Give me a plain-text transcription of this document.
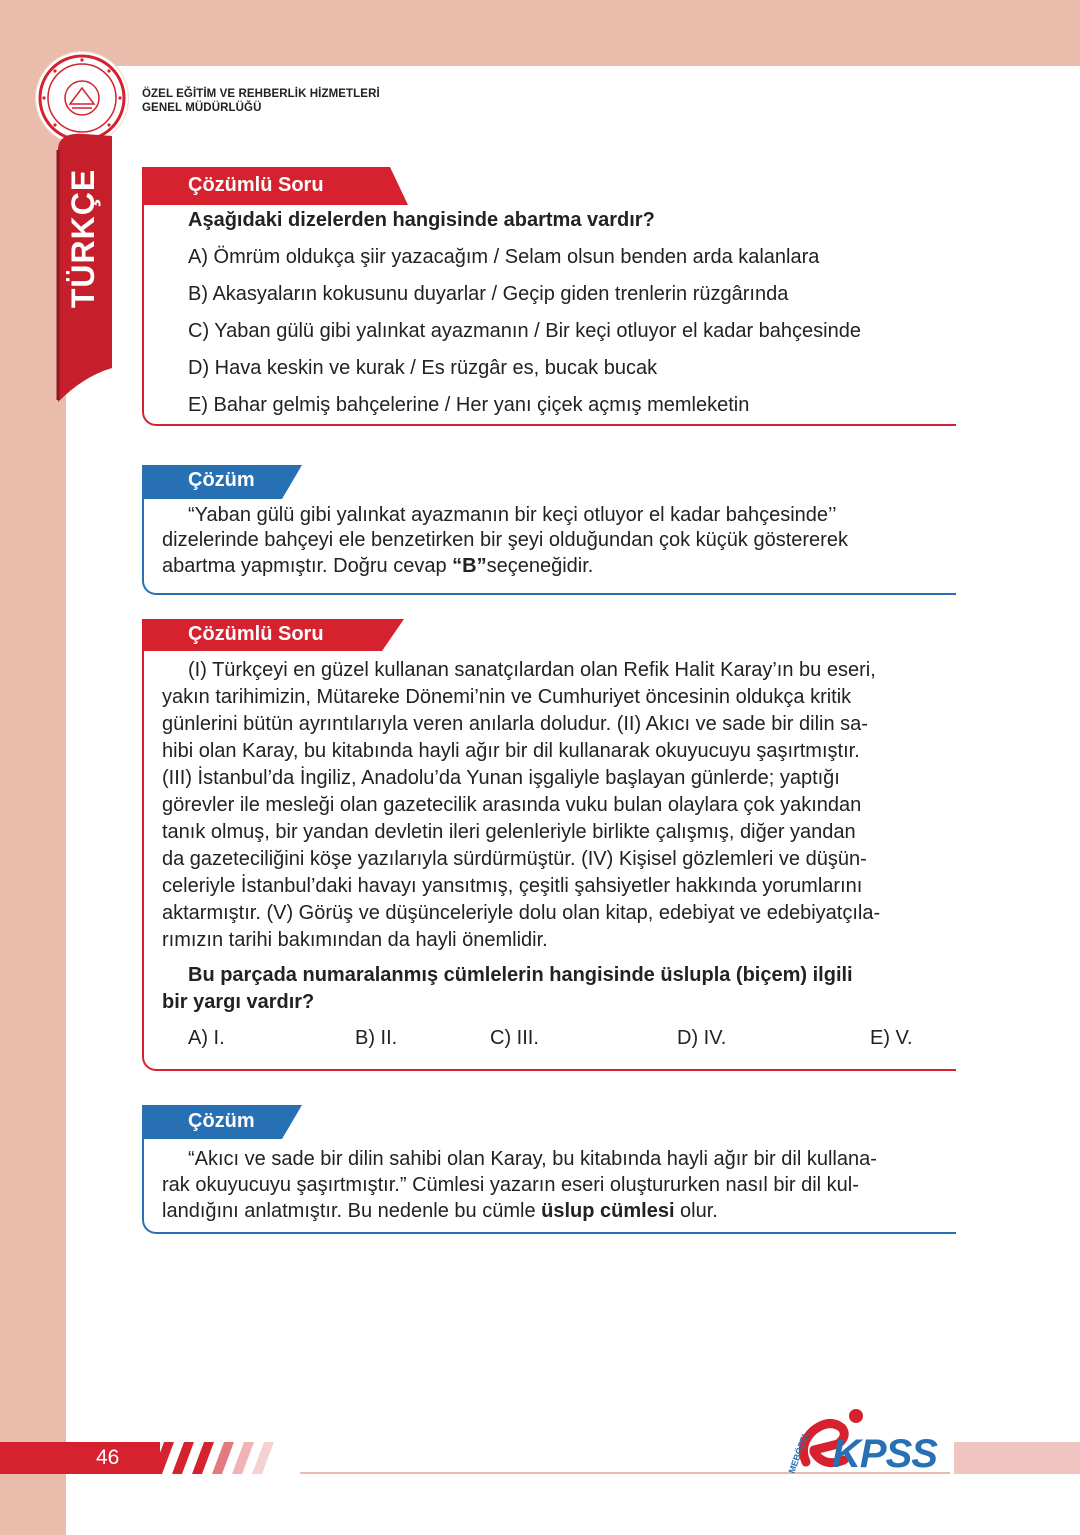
ÖZEL EĞİTİM VE REHBERLİK HİZMETLERİ
GENEL MÜDÜRLÜĞÜ
TÜRKÇE	Çözümlü Soru
Aşağıdaki dizelerden hangisinde abartma vardır?
A) Ömrüm oldukça şiir yazacağım / Selam olsun benden arda kalanlara
B) Akasyaların kokusunu duyarlar / Geçip giden trenlerin rüzgârında
C) Yaban gülü gibi yalınkat ayazmanın / Bir keçi otluyor el kadar bahçesinde
D) Hava keskin ve kurak / Es rüzgâr es, bucak bucak
E) Bahar gelmiş bahçelerine / Her yanı çiçek açmış memleketin
Çözüm
“Yaban gülü gibi yalınkat ayazmanın bir keçi otluyor el kadar bahçesinde’’
dizelerinde bahçeyi ele benzetirken bir şeyi olduğundan çok küçük göstererek
abartma yapmıştır. Doğru cevap “B”seçeneğidir.
Çözümlü Soru
(I) Türkçeyi en güzel kullanan sanatçılardan olan Refik Halit Karay’ın bu eseri,
yakın tarihimizin, Mütareke Dönemi’nin ve Cumhuriyet öncesinin oldukça kritik
günlerini bütün ayrıntılarıyla veren anılarla doludur. (II) Akıcı ve sade bir dilin sa-
hibi olan Karay, bu kitabında hayli ağır bir dil kullanarak okuyucuyu şaşırtmıştır.
(III) İstanbul’da İngiliz, Anadolu’da Yunan işgaliyle başlayan günlerde; yaptığı
görevler ile mesleği olan gazetecilik arasında vuku bulan olaylara çok yakından
tanık olmuş, bir yandan devletin ileri gelenleriyle birlikte çalışmış, diğer yandan
da gazeteciliğini köşe yazılarıyla sürdürmüştür. (IV) Kişisel gözlemleri ve düşün-
celeriyle İstanbul’daki havayı yansıtmış, çeşitli şahsiyetler hakkında yorumlarını
aktarmıştır. (V) Görüş ve düşünceleriyle dolu olan kitap, edebiyat ve edebiyatçıla-
rımızın tarihi bakımından da hayli önemlidir.
Bu parçada numaralanmış cümlelerin hangisinde üslupla (biçem) ilgili
bir yargı vardır?
A) I.	B) II.	C) III.	D) IV.	E) V.
Çözüm
“Akıcı ve sade bir dilin sahibi olan Karay, bu kitabında hayli ağır bir dil kullana-
rak okuyucuyu şaşırtmıştır.” Cümlesi yazarın eseri oluştururken nasıl bir dil kul-
landığını anlatmıştır. Bu nedenle bu cümle üslup cümlesi olur.
46	MEBÖZEL KPSS
